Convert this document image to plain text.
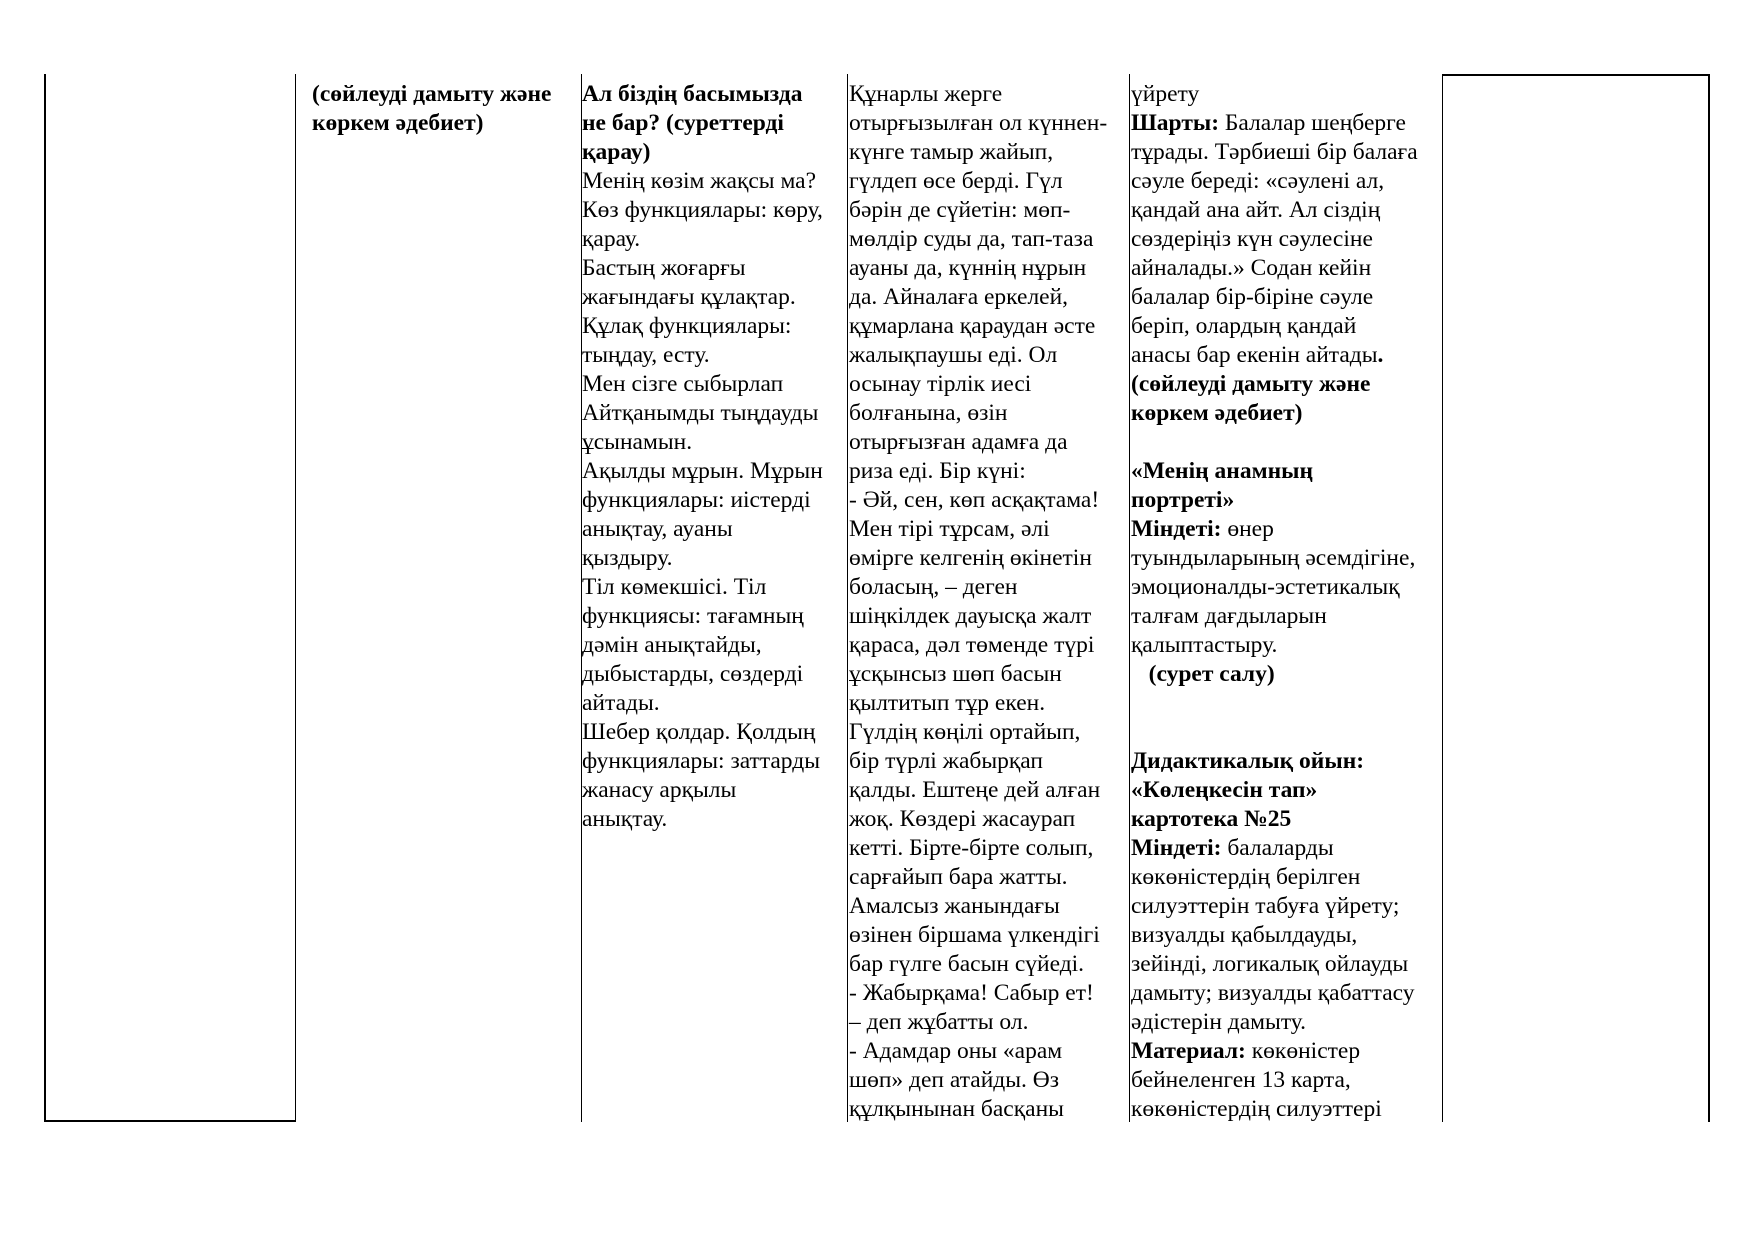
(сөйлеуді дамыту және
көркем әдебиет)
Ал біздің басымызда
не бар? (суреттерді
қарау)
Менің көзім жақсы ма?
Көз функциялары: көру,
қарау.
Бастың жоғарғы
жағындағы құлақтар.
Құлақ функциялары:
тыңдау, есту.
Мен сізге сыбырлап
Айтқанымды тыңдауды
ұсынамын.
Ақылды мұрын. Мұрын
функциялары: иістерді
анықтау, ауаны
қыздыру.
Тіл көмекшісі. Тіл
функциясы: тағамның
дәмін анықтайды,
дыбыстарды, сөздерді
айтады.
Шебер қолдар. Қолдың
функциялары: заттарды
жанасу арқылы
анықтау.
Құнарлы жерге
отырғызылған ол күннен-
күнге тамыр жайып,
гүлдеп өсе берді. Гүл
бәрін де сүйетін: мөп-
мөлдір суды да, тап-таза
ауаны да, күннің нұрын
да. Айналаға еркелей,
құмарлана қараудан әсте
жалықпаушы еді. Ол
осынау тірлік иесі
болғанына, өзін
отырғызған адамға да
риза еді. Бір күні:
- Әй, сен, көп асқақтама!
Мен тірі тұрсам, әлі
өмірге келгенің өкінетін
боласың, – деген
шіңкілдек дауысқа жалт
қараса, дәл төменде түрі
ұсқынсыз шөп басын
қылтитып тұр екен.
Гүлдің көңілі ортайып,
бір түрлі жабырқап
қалды. Ештеңе дей алған
жоқ. Көздері жасаурап
кетті. Бірте-бірте солып,
сарғайып бара жатты.
Амалсыз жанындағы
өзінен біршама үлкендігі
бар гүлге басын сүйеді.
- Жабырқама! Сабыр ет!
– деп жұбатты ол.
- Адамдар оны «арам
шөп» деп атайды. Өз
құлқынынан басқаны
үйрету
Шарты: Балалар шеңберге
тұрады. Тәрбиеші бір балаға
сәуле береді: «сәулені ал,
қандай ана айт. Ал сіздің
сөздеріңіз күн сәулесіне
айналады.» Содан кейін
балалар бір-біріне сәуле
беріп, олардың қандай
анасы бар екенін айтады.
(сөйлеуді дамыту және
көркем әдебиет)
«Менің анамның
портреті»
Міндеті: өнер
туындыларының әсемдігіне,
эмоционалды-эстетикалық
талғам дағдыларын
қалыптастыру.
(сурет салу)
Дидактикалық ойын:
«Көлеңкесін тап»
картотека №25
Міндеті: балаларды
көкөністердің берілген
силуэттерін табуға үйрету;
визуалды қабылдауды,
зейінді, логикалық ойлауды
дамыту; визуалды қабаттасу
әдістерін дамыту.
Материал: көкөністер
бейнеленген 13 карта,
көкөністердің силуэттері
